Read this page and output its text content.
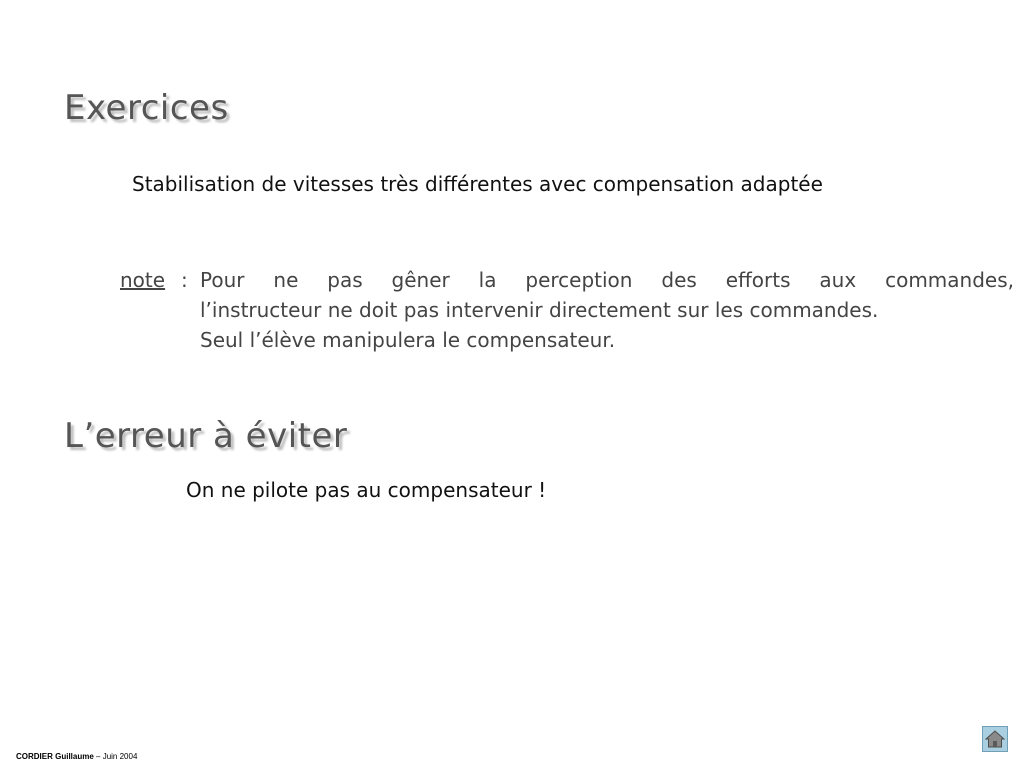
Exercices
Stabilisation de vitesses très différentes avec compensation adaptée
note : Pour ne pas gêner la perception des efforts aux commandes,
l’instructeur ne doit pas intervenir directement sur les commandes.
Seul l’élève manipulera le compensateur.
L’erreur à éviter
On ne pilote pas au compensateur !
CORDIER Guillaume – Juin 2004
